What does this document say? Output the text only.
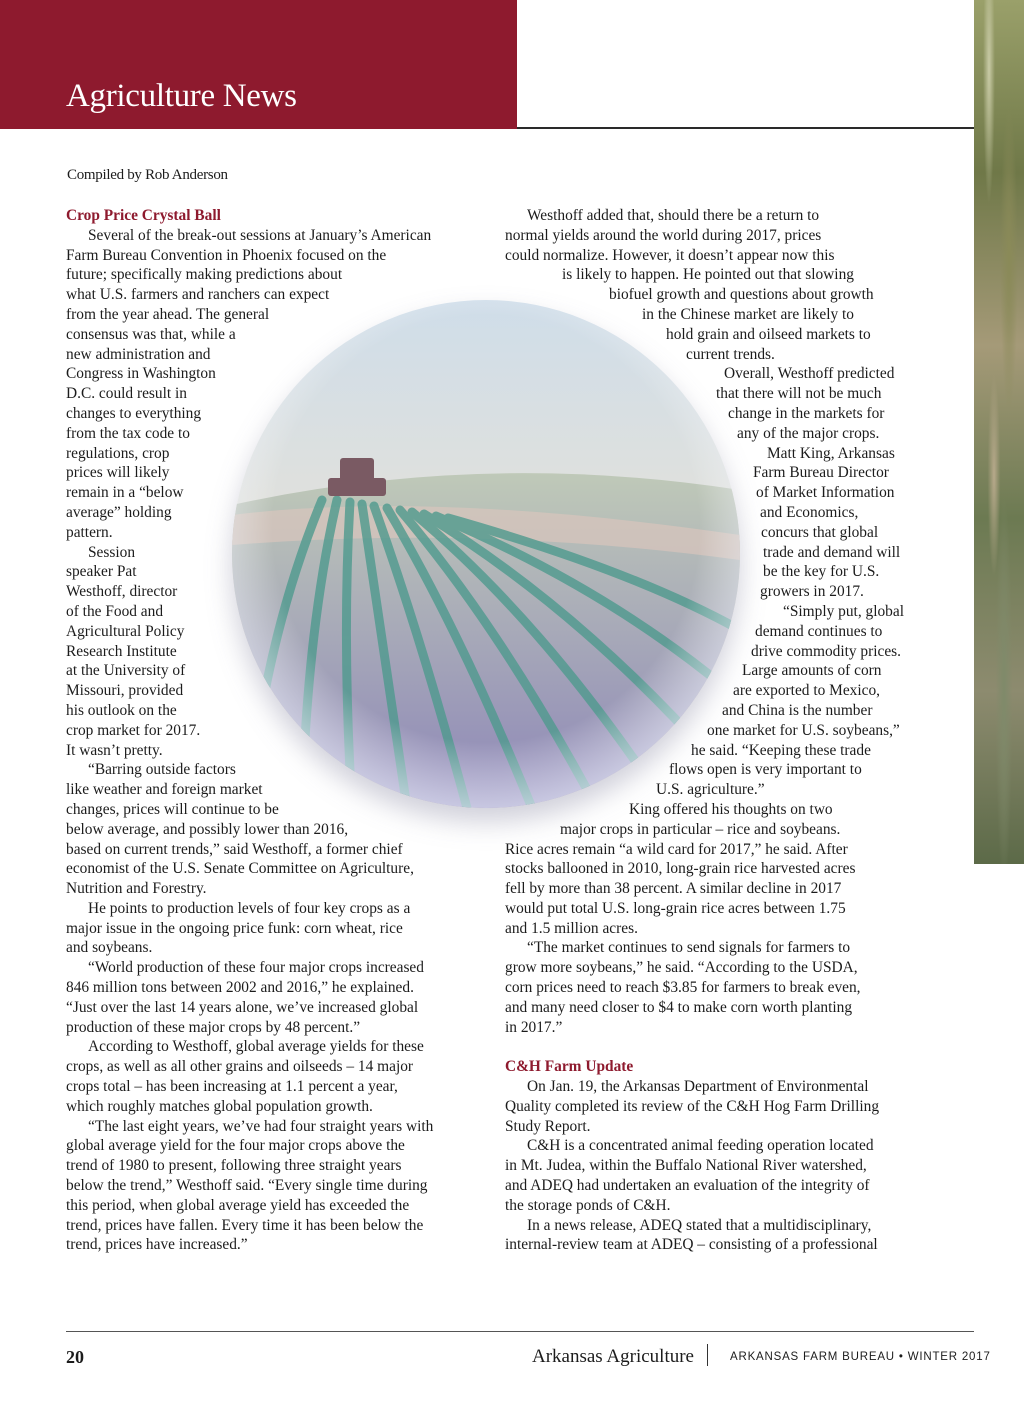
Agriculture News
Compiled by Rob Anderson
Crop Price Crystal Ball
Several of the break-out sessions at January’s American
Farm Bureau Convention in Phoenix focused on the
future; specifically making predictions about
what U.S. farmers and ranchers can expect
from the year ahead. The general
consensus was that, while a
new administration and
Congress in Washington
D.C. could result in
changes to everything
from the tax code to
regulations, crop
prices will likely
remain in a “below
average” holding
pattern.
Session
speaker Pat
Westhoff, director
of the Food and
Agricultural Policy
Research Institute
at the University of
Missouri, provided
his outlook on the
crop market for 2017.
It wasn’t pretty.
“Barring outside factors
like weather and foreign market
changes, prices will continue to be
below average, and possibly lower than 2016,
based on current trends,” said Westhoff, a former chief
economist of the U.S. Senate Committee on Agriculture,
Nutrition and Forestry.
He points to production levels of four key crops as a
major issue in the ongoing price funk: corn wheat, rice
and soybeans.
“World production of these four major crops increased
846 million tons between 2002 and 2016,” he explained.
“Just over the last 14 years alone, we’ve increased global
production of these major crops by 48 percent.”
According to Westhoff, global average yields for these
crops, as well as all other grains and oilseeds – 14 major
crops total – has been increasing at 1.1 percent a year,
which roughly matches global population growth.
“The last eight years, we’ve had four straight years with
global average yield for the four major crops above the
trend of 1980 to present, following three straight years
below the trend,” Westhoff said. “Every single time during
this period, when global average yield has exceeded the
trend, prices have fallen. Every time it has been below the
trend, prices have increased.”
Westhoff added that, should there be a return to
normal yields around the world during 2017, prices
could normalize. However, it doesn’t appear now this
is likely to happen. He pointed out that slowing
biofuel growth and questions about growth
in the Chinese market are likely to
hold grain and oilseed markets to
current trends.
Overall, Westhoff predicted
that there will not be much
change in the markets for
any of the major crops.
Matt King, Arkansas
Farm Bureau Director
of Market Information
and Economics,
concurs that global
trade and demand will
be the key for U.S.
growers in 2017.
“Simply put, global
demand continues to
drive commodity prices.
Large amounts of corn
are exported to Mexico,
and China is the number
one market for U.S. soybeans,”
he said. “Keeping these trade
flows open is very important to
U.S. agriculture.”
King offered his thoughts on two
major crops in particular – rice and soybeans.
Rice acres remain “a wild card for 2017,” he said. After
stocks ballooned in 2010, long-grain rice harvested acres
fell by more than 38 percent. A similar decline in 2017
would put total U.S. long-grain rice acres between 1.75
and 1.5 million acres.
“The market continues to send signals for farmers to
grow more soybeans,” he said. “According to the USDA,
corn prices need to reach $3.85 for farmers to break even,
and many need closer to $4 to make corn worth planting
in 2017.”
C&H Farm Update
On Jan. 19, the Arkansas Department of Environmental
Quality completed its review of the C&H Hog Farm Drilling
Study Report.
C&H is a concentrated animal feeding operation located
in Mt. Judea, within the Buffalo National River watershed,
and ADEQ had undertaken an evaluation of the integrity of
the storage ponds of C&H.
In a news release, ADEQ stated that a multidisciplinary,
internal-review team at ADEQ – consisting of a professional
20	Arkansas Agriculture	ARKANSAS FARM BUREAU • WINTER 2017
